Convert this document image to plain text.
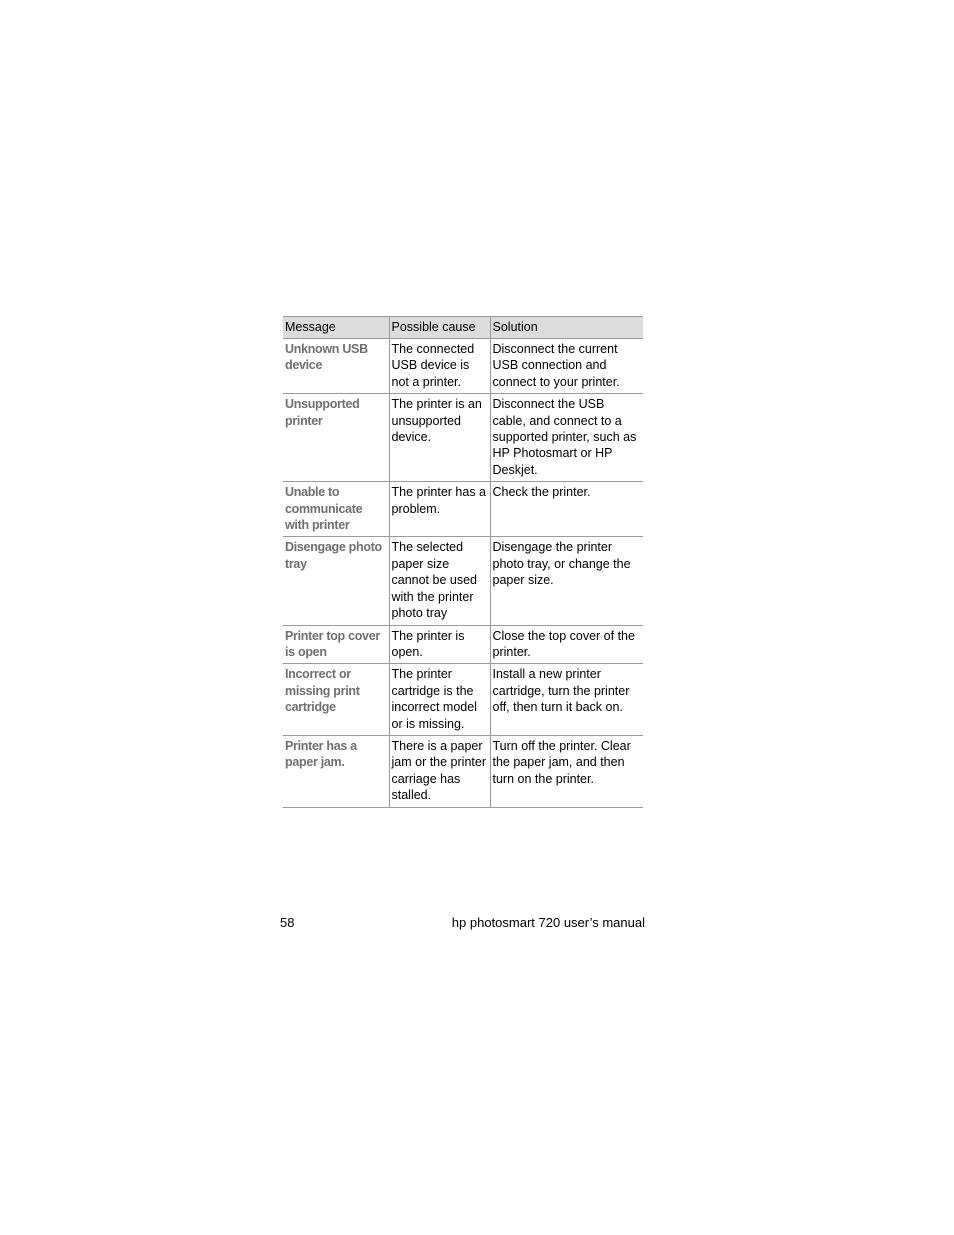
Message	Possible cause	Solution
Unknown USB device	The connected USB device is not a printer.	Disconnect the current USB connection and connect to your printer.
Unsupported printer	The printer is an unsupported device.	Disconnect the USB cable, and connect to a supported printer, such as HP Photosmart or HP Deskjet.
Unable to communicate with printer	The printer has a problem.	Check the printer.
Disengage photo tray	The selected paper size cannot be used with the printer photo tray	Disengage the printer photo tray, or change the paper size.
Printer top cover is open	The printer is open.	Close the top cover of the printer.
Incorrect or missing print cartridge	The printer cartridge is the incorrect model or is missing.	Install a new printer cartridge, turn the printer off, then turn it back on.
Printer has a paper jam.	There is a paper jam or the printer carriage has stalled.	Turn off the printer. Clear the paper jam, and then turn on the printer.
58	hp photosmart 720 user’s manual
